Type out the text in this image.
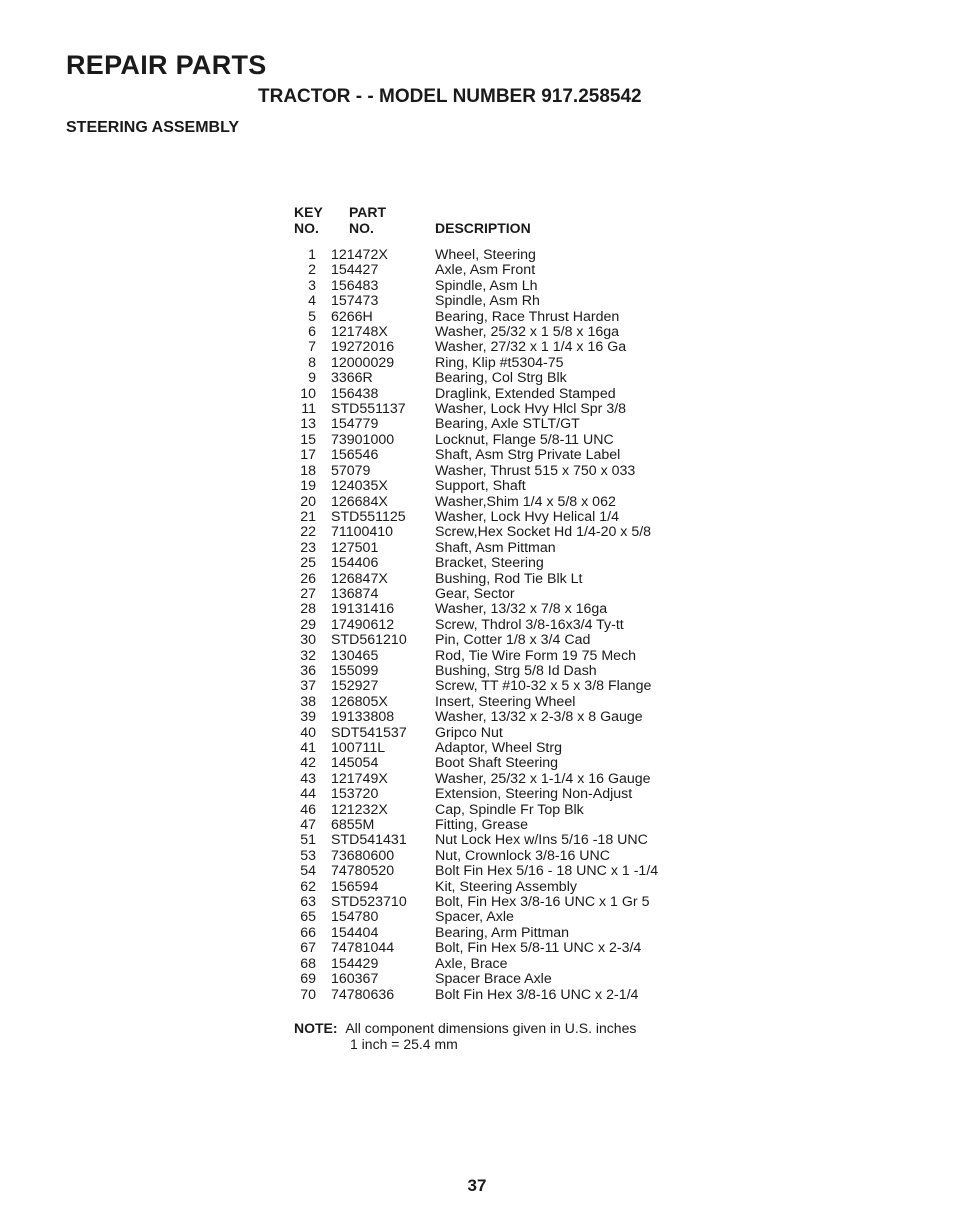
REPAIR PARTS
TRACTOR - - MODEL NUMBER 917.258542
STEERING ASSEMBLY
KEY
NO.
PART
NO.	DESCRIPTION
1	121472X	Wheel, Steering
2	154427	Axle, Asm Front
3	156483	Spindle, Asm Lh
4	157473	Spindle, Asm Rh
5	6266H	Bearing, Race Thrust Harden
6	121748X	Washer, 25/32 x 1 5/8 x 16ga
7	19272016	Washer, 27/32 x 1 1/4 x 16 Ga
8	12000029	Ring, Klip #t5304-75
9	3366R	Bearing, Col Strg Blk
10	156438	Draglink, Extended Stamped
11	STD551137	Washer, Lock Hvy Hlcl Spr 3/8
13	154779	Bearing, Axle STLT/GT
15	73901000	Locknut, Flange 5/8-11 UNC
17	156546	Shaft, Asm Strg Private Label
18	57079	Washer, Thrust 515 x 750 x 033
19	124035X	Support, Shaft
20	126684X	Washer,Shim 1/4 x 5/8 x 062
21	STD551125	Washer, Lock Hvy Helical 1/4
22	71100410	Screw,Hex Socket Hd 1/4-20 x 5/8
23	127501	Shaft, Asm Pittman
25	154406	Bracket, Steering
26	126847X	Bushing, Rod Tie Blk Lt
27	136874	Gear, Sector
28	19131416	Washer, 13/32 x 7/8 x 16ga
29	17490612	Screw, Thdrol 3/8-16x3/4 Ty-tt
30	STD561210	Pin, Cotter 1/8 x 3/4 Cad
32	130465	Rod, Tie Wire Form 19 75 Mech
36	155099	Bushing, Strg 5/8 Id Dash
37	152927	Screw, TT #10-32 x 5 x 3/8 Flange
38	126805X	Insert, Steering Wheel
39	19133808	Washer, 13/32 x 2-3/8 x 8 Gauge
40	SDT541537	Gripco Nut
41	100711L	Adaptor, Wheel Strg
42	145054	Boot Shaft Steering
43	121749X	Washer, 25/32 x 1-1/4 x 16 Gauge
44	153720	Extension, Steering Non-Adjust
46	121232X	Cap, Spindle Fr Top Blk
47	6855M	Fitting, Grease
51	STD541431	Nut Lock Hex w/Ins 5/16 -18 UNC
53	73680600	Nut, Crownlock 3/8-16 UNC
54	74780520	Bolt Fin Hex 5/16 - 18 UNC x 1 -1/4
62	156594	Kit, Steering Assembly
63	STD523710	Bolt, Fin Hex 3/8-16 UNC x 1 Gr 5
65	154780	Spacer, Axle
66	154404	Bearing, Arm Pittman
67	74781044	Bolt, Fin Hex 5/8-11 UNC x 2-3/4
68	154429	Axle, Brace
69	160367	Spacer Brace Axle
70	74780636	Bolt Fin Hex 3/8-16 UNC x 2-1/4
NOTE: All component dimensions given in U.S. inches
1 inch = 25.4 mm
37
